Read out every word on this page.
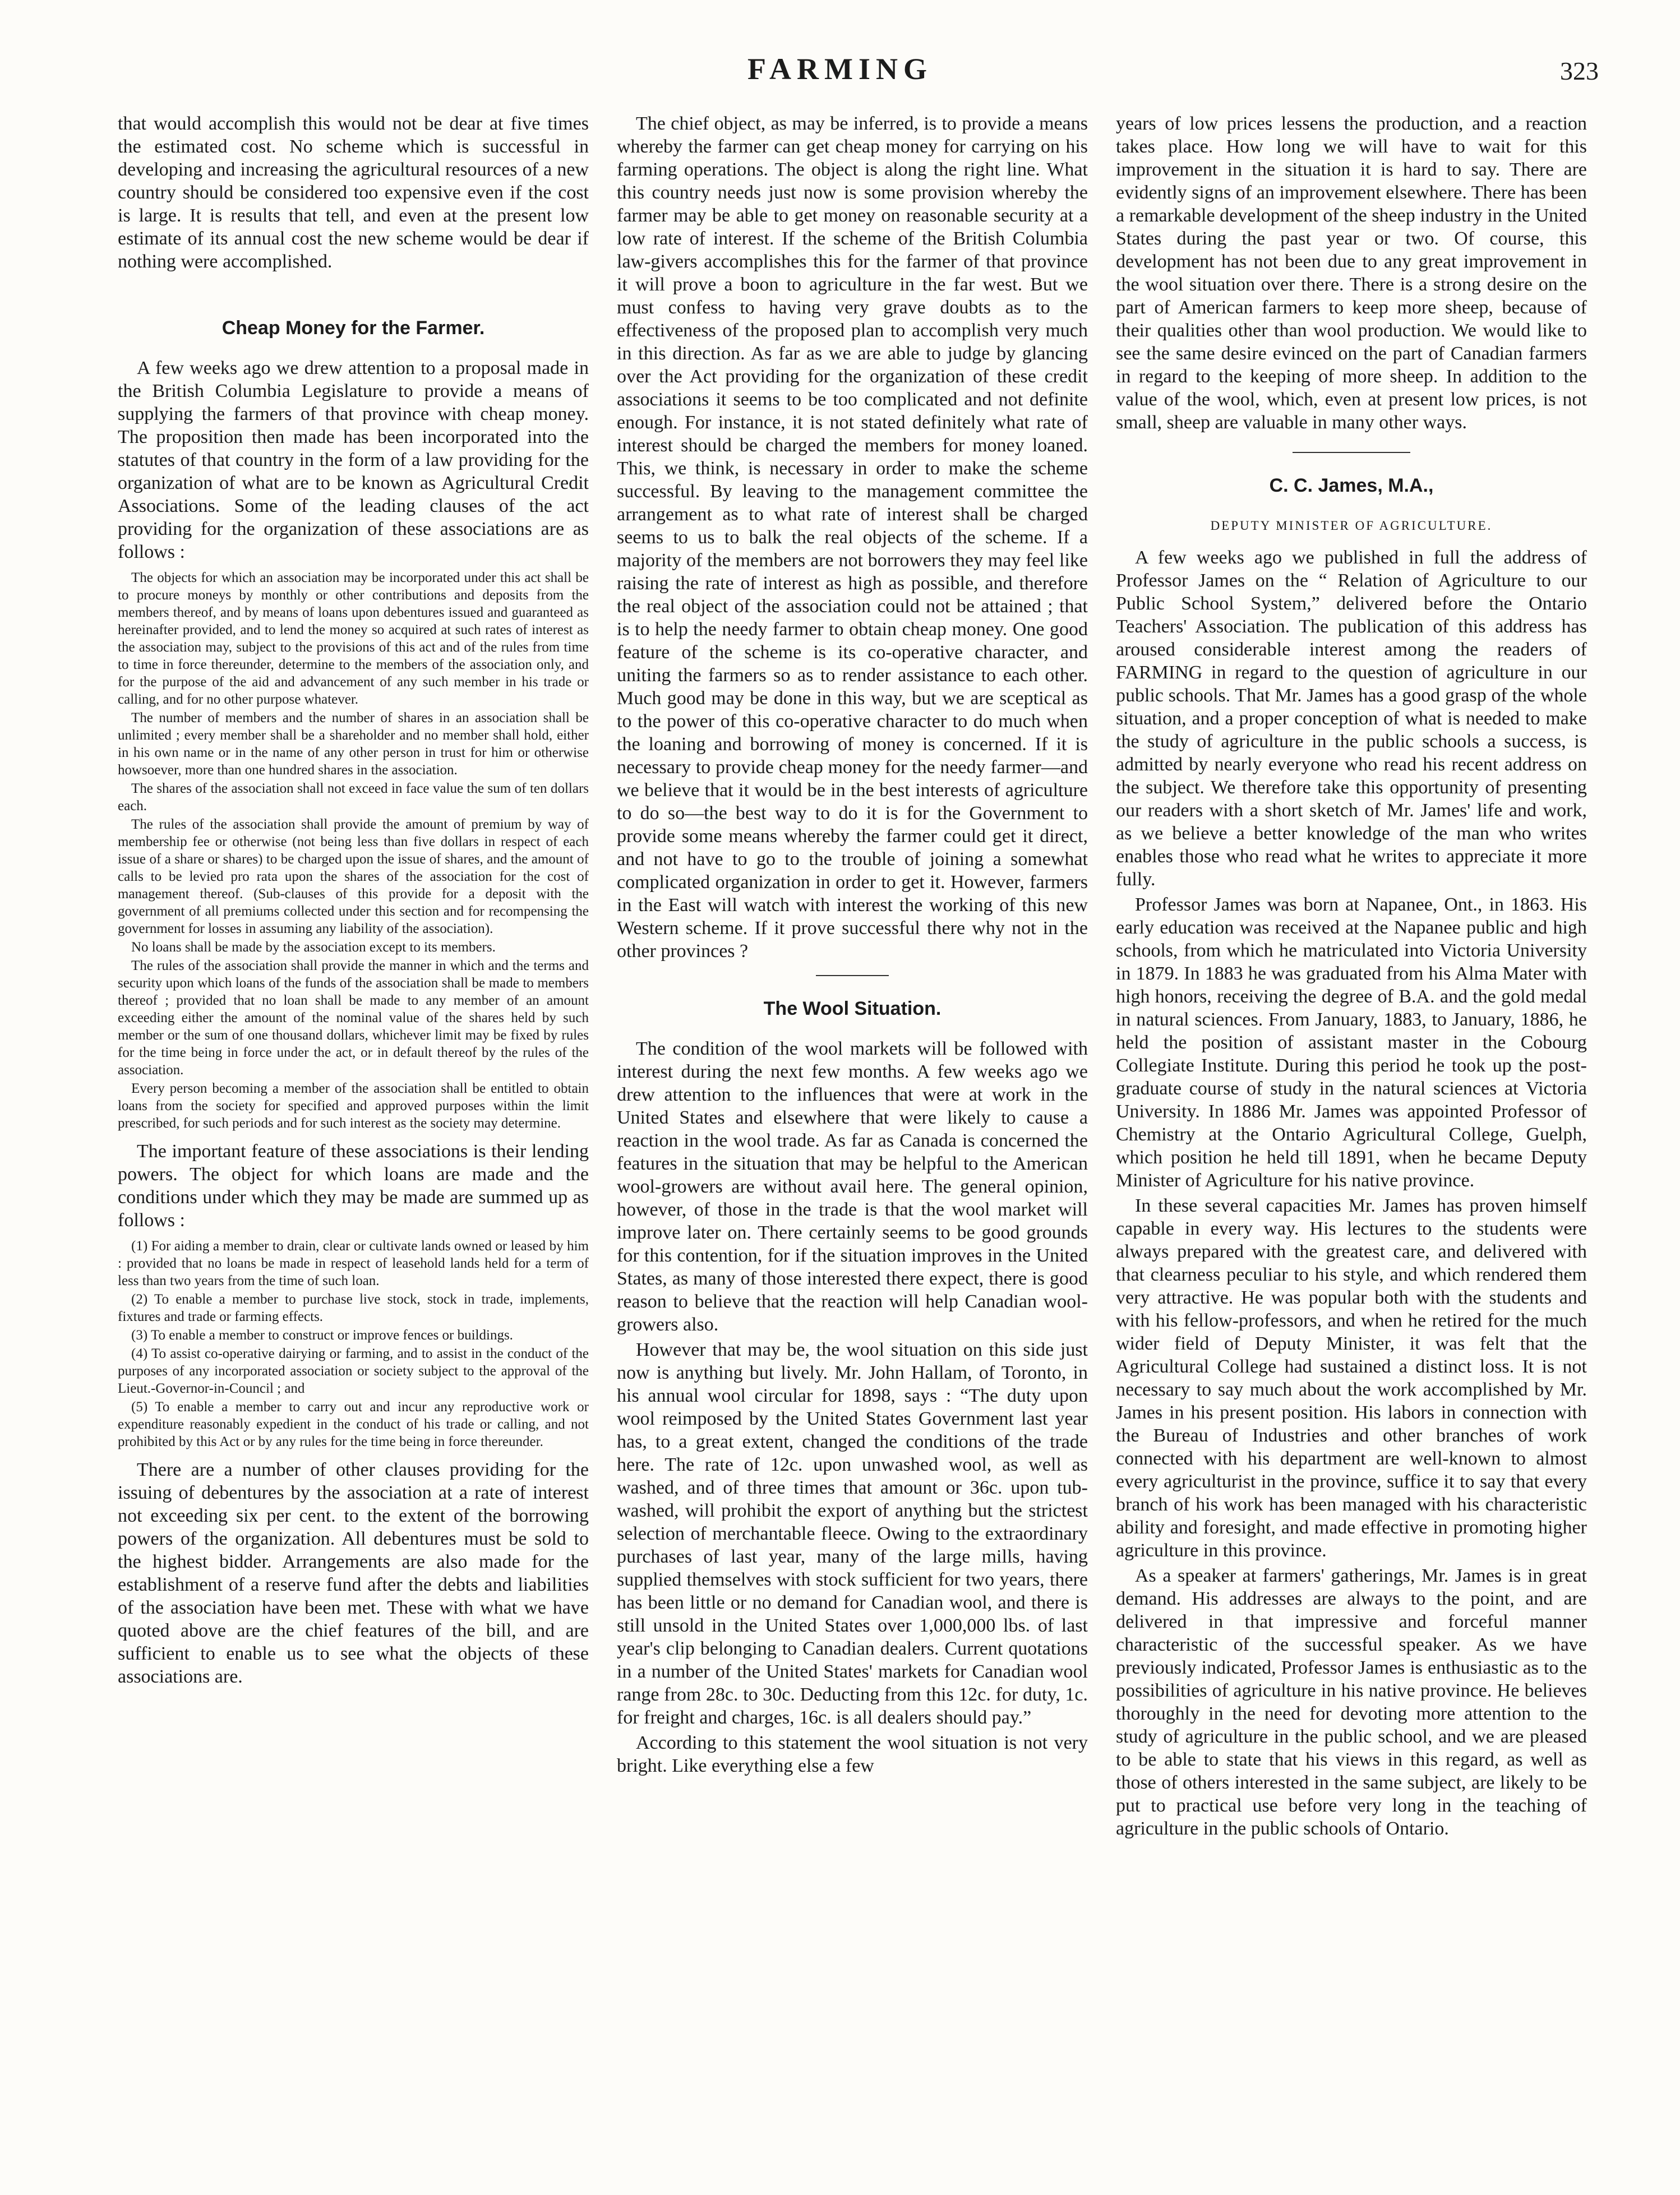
FARMING	323

that would accomplish this would not be dear at five times the estimated cost. No scheme which is successful in developing and increasing the agricultural resources of a new country should be considered too expensive even if the cost is large. It is results that tell, and even at the present low estimate of its annual cost the new scheme would be dear if nothing were accomplished.

Cheap Money for the Farmer.

A few weeks ago we drew attention to a proposal made in the British Columbia Legislature to provide a means of supplying the farmers of that province with cheap money. The proposition then made has been incorporated into the statutes of that country in the form of a law providing for the organization of what are to be known as Agricultural Credit Associations. Some of the leading clauses of the act providing for the organization of these associations are as follows :

The objects for which an association may be incorporated under this act shall be to procure moneys by monthly or other contributions and deposits from the members thereof, and by means of loans upon debentures issued and guaranteed as hereinafter provided, and to lend the money so acquired at such rates of interest as the association may, subject to the provisions of this act and of the rules from time to time in force thereunder, determine to the members of the association only, and for the purpose of the aid and advancement of any such member in his trade or calling, and for no other purpose whatever.

The number of members and the number of shares in an association shall be unlimited ; every member shall be a shareholder and no member shall hold, either in his own name or in the name of any other person in trust for him or otherwise howsoever, more than one hundred shares in the association.

The shares of the association shall not exceed in face value the sum of ten dollars each.

The rules of the association shall provide the amount of premium by way of membership fee or otherwise (not being less than five dollars in respect of each issue of a share or shares) to be charged upon the issue of shares, and the amount of calls to be levied pro rata upon the shares of the association for the cost of management thereof. (Sub-clauses of this provide for a deposit with the government of all premiums collected under this section and for recompensing the government for losses in assuming any liability of the association).

No loans shall be made by the association except to its members.

The rules of the association shall provide the manner in which and the terms and security upon which loans of the funds of the association shall be made to members thereof ; provided that no loan shall be made to any member of an amount exceeding either the amount of the nominal value of the shares held by such member or the sum of one thousand dollars, whichever limit may be fixed by rules for the time being in force under the act, or in default thereof by the rules of the association.

Every person becoming a member of the association shall be entitled to obtain loans from the society for specified and approved purposes within the limit prescribed, for such periods and for such interest as the society may determine.

The important feature of these associations is their lending powers. The object for which loans are made and the conditions under which they may be made are summed up as follows :

(1) For aiding a member to drain, clear or cultivate lands owned or leased by him : provided that no loans be made in respect of leasehold lands held for a term of less than two years from the time of such loan.

(2) To enable a member to purchase live stock, stock in trade, implements, fixtures and trade or farming effects.

(3) To enable a member to construct or improve fences or buildings.

(4) To assist co-operative dairying or farming, and to assist in the conduct of the purposes of any incorporated association or society subject to the approval of the Lieut.-Governor-in-Council ; and

(5) To enable a member to carry out and incur any reproductive work or expenditure reasonably expedient in the conduct of his trade or calling, and not prohibited by this Act or by any rules for the time being in force thereunder.

There are a number of other clauses providing for the issuing of debentures by the association at a rate of interest not exceeding six per cent. to the extent of the borrowing powers of the organization. All debentures must be sold to the highest bidder. Arrangements are also made for the establishment of a reserve fund after the debts and liabilities of the association have been met. These with what we have quoted above are the chief features of the bill, and are sufficient to enable us to see what the objects of these associations are.

The chief object, as may be inferred, is to provide a means whereby the farmer can get cheap money for carrying on his farming operations. The object is along the right line. What this country needs just now is some provision whereby the farmer may be able to get money on reasonable security at a low rate of interest. If the scheme of the British Columbia law-givers accomplishes this for the farmer of that province it will prove a boon to agriculture in the far west. But we must confess to having very grave doubts as to the effectiveness of the proposed plan to accomplish very much in this direction. As far as we are able to judge by glancing over the Act providing for the organization of these credit associations it seems to be too complicated and not definite enough. For instance, it is not stated definitely what rate of interest should be charged the members for money loaned. This, we think, is necessary in order to make the scheme successful. By leaving to the management committee the arrangement as to what rate of interest shall be charged seems to us to balk the real objects of the scheme. If a majority of the members are not borrowers they may feel like raising the rate of interest as high as possible, and therefore the real object of the association could not be attained ; that is to help the needy farmer to obtain cheap money. One good feature of the scheme is its co-operative character, and uniting the farmers so as to render assistance to each other. Much good may be done in this way, but we are sceptical as to the power of this co-operative character to do much when the loaning and borrowing of money is concerned. If it is necessary to provide cheap money for the needy farmer—and we believe that it would be in the best interests of agriculture to do so—the best way to do it is for the Government to provide some means whereby the farmer could get it direct, and not have to go to the trouble of joining a somewhat complicated organization in order to get it. However, farmers in the East will watch with interest the working of this new Western scheme. If it prove successful there why not in the other provinces ?

The Wool Situation.

The condition of the wool markets will be followed with interest during the next few months. A few weeks ago we drew attention to the influences that were at work in the United States and elsewhere that were likely to cause a reaction in the wool trade. As far as Canada is concerned the features in the situation that may be helpful to the American wool-growers are without avail here. The general opinion, however, of those in the trade is that the wool market will improve later on. There certainly seems to be good grounds for this contention, for if the situation improves in the United States, as many of those interested there expect, there is good reason to believe that the reaction will help Canadian wool-growers also.

However that may be, the wool situation on this side just now is anything but lively. Mr. John Hallam, of Toronto, in his annual wool circular for 1898, says : “The duty upon wool reimposed by the United States Government last year has, to a great extent, changed the conditions of the trade here. The rate of 12c. upon unwashed wool, as well as washed, and of three times that amount or 36c. upon tub-washed, will prohibit the export of anything but the strictest selection of merchantable fleece. Owing to the extraordinary purchases of last year, many of the large mills, having supplied themselves with stock sufficient for two years, there has been little or no demand for Canadian wool, and there is still unsold in the United States over 1,000,000 lbs. of last year's clip belonging to Canadian dealers. Current quotations in a number of the United States' markets for Canadian wool range from 28c. to 30c. Deducting from this 12c. for duty, 1c. for freight and charges, 16c. is all dealers should pay.”

According to this statement the wool situation is not very bright. Like everything else a few

years of low prices lessens the production, and a reaction takes place. How long we will have to wait for this improvement in the situation it is hard to say. There are evidently signs of an improvement elsewhere. There has been a remarkable development of the sheep industry in the United States during the past year or two. Of course, this development has not been due to any great improvement in the wool situation over there. There is a strong desire on the part of American farmers to keep more sheep, because of their qualities other than wool production. We would like to see the same desire evinced on the part of Canadian farmers in regard to the keeping of more sheep. In addition to the value of the wool, which, even at present low prices, is not small, sheep are valuable in many other ways.

C. C. James, M.A.,
DEPUTY MINISTER OF AGRICULTURE.

A few weeks ago we published in full the address of Professor James on the “ Relation of Agriculture to our Public School System,” delivered before the Ontario Teachers' Association. The publication of this address has aroused considerable interest among the readers of FARMING in regard to the question of agriculture in our public schools. That Mr. James has a good grasp of the whole situation, and a proper conception of what is needed to make the study of agriculture in the public schools a success, is admitted by nearly everyone who read his recent address on the subject. We therefore take this opportunity of presenting our readers with a short sketch of Mr. James' life and work, as we believe a better knowledge of the man who writes enables those who read what he writes to appreciate it more fully.

Professor James was born at Napanee, Ont., in 1863. His early education was received at the Napanee public and high schools, from which he matriculated into Victoria University in 1879. In 1883 he was graduated from his Alma Mater with high honors, receiving the degree of B.A. and the gold medal in natural sciences. From January, 1883, to January, 1886, he held the position of assistant master in the Cobourg Collegiate Institute. During this period he took up the post-graduate course of study in the natural sciences at Victoria University. In 1886 Mr. James was appointed Professor of Chemistry at the Ontario Agricultural College, Guelph, which position he held till 1891, when he became Deputy Minister of Agriculture for his native province.

In these several capacities Mr. James has proven himself capable in every way. His lectures to the students were always prepared with the greatest care, and delivered with that clearness peculiar to his style, and which rendered them very attractive. He was popular both with the students and with his fellow-professors, and when he retired for the much wider field of Deputy Minister, it was felt that the Agricultural College had sustained a distinct loss. It is not necessary to say much about the work accomplished by Mr. James in his present position. His labors in connection with the Bureau of Industries and other branches of work connected with his department are well-known to almost every agriculturist in the province, suffice it to say that every branch of his work has been managed with his characteristic ability and foresight, and made effective in promoting higher agriculture in this province.

As a speaker at farmers' gatherings, Mr. James is in great demand. His addresses are always to the point, and are delivered in that impressive and forceful manner characteristic of the successful speaker. As we have previously indicated, Professor James is enthusiastic as to the possibilities of agriculture in his native province. He believes thoroughly in the need for devoting more attention to the study of agriculture in the public school, and we are pleased to be able to state that his views in this regard, as well as those of others interested in the same subject, are likely to be put to practical use before very long in the teaching of agriculture in the public schools of Ontario.
